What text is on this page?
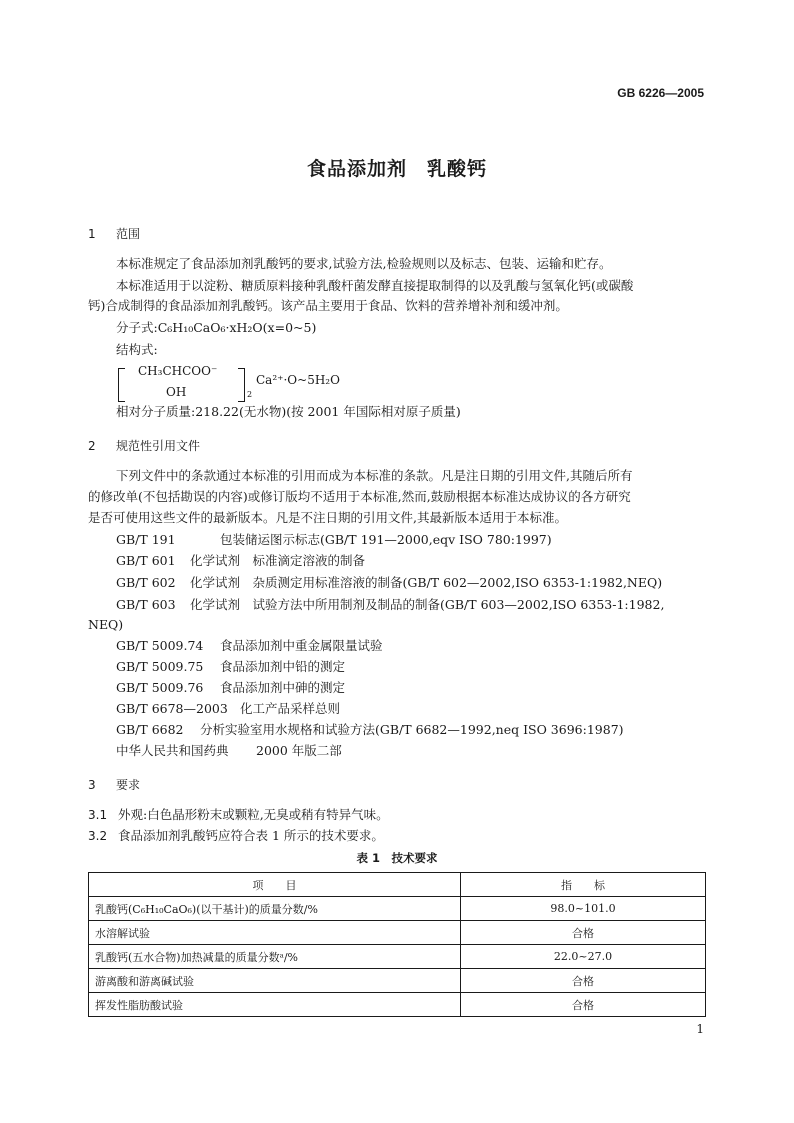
GB 6226—2005
食品添加剂　乳酸钙
1 范围
本标准规定了食品添加剂乳酸钙的要求,试验方法,检验规则以及标志、包装、运输和贮存。
本标准适用于以淀粉、糖质原料接种乳酸杆菌发酵直接提取制得的以及乳酸与氢氧化钙(或碳酸
钙)合成制得的食品添加剂乳酸钙。该产品主要用于食品、饮料的营养增补剂和缓冲剂。
分子式:C₆H₁₀CaO₆·xH₂O(x=0~5)
结构式:
CH₃CHCOO⁻
OH	2
Ca²⁺·O~5H₂O
相对分子质量:218.22(无水物)(按 2001 年国际相对原子质量)
2 规范性引用文件
下列文件中的条款通过本标准的引用而成为本标准的条款。凡是注日期的引用文件,其随后所有
的修改单(不包括勘误的内容)或修订版均不适用于本标准,然而,鼓励根据本标准达成协议的各方研究
是否可使用这些文件的最新版本。凡是不注日期的引用文件,其最新版本适用于本标准。
GB/T 191	包装储运图示标志(GB/T 191—2000,eqv ISO 780:1997)
GB/T 601 化学试剂　标准滴定溶液的制备
GB/T 602 化学试剂　杂质测定用标准溶液的制备(GB/T 602—2002,ISO 6353-1:1982,NEQ)
GB/T 603 化学试剂　试验方法中所用制剂及制品的制备(GB/T 603—2002,ISO 6353-1:1982,
NEQ)
GB/T 5009.74 食品添加剂中重金属限量试验
GB/T 5009.75 食品添加剂中铅的测定
GB/T 5009.76 食品添加剂中砷的测定
GB/T 6678—2003 化工产品采样总则
GB/T 6682 分析实验室用水规格和试验方法(GB/T 6682—1992,neq ISO 3696:1987)
中华人民共和国药典 2000 年版二部
3 要求
3.1 外观:白色晶形粉末或颗粒,无臭或稍有特异气味。
3.2 食品添加剂乳酸钙应符合表 1 所示的技术要求。
表 1　技术要求
项　　目	指　　标
乳酸钙(C₆H₁₀CaO₆)(以干基计)的质量分数/%	98.0~101.0
水溶解试验	合格
乳酸钙(五水合物)加热减量的质量分数ᵃ/%	22.0~27.0
游离酸和游离碱试验	合格
挥发性脂肪酸试验	合格
1
